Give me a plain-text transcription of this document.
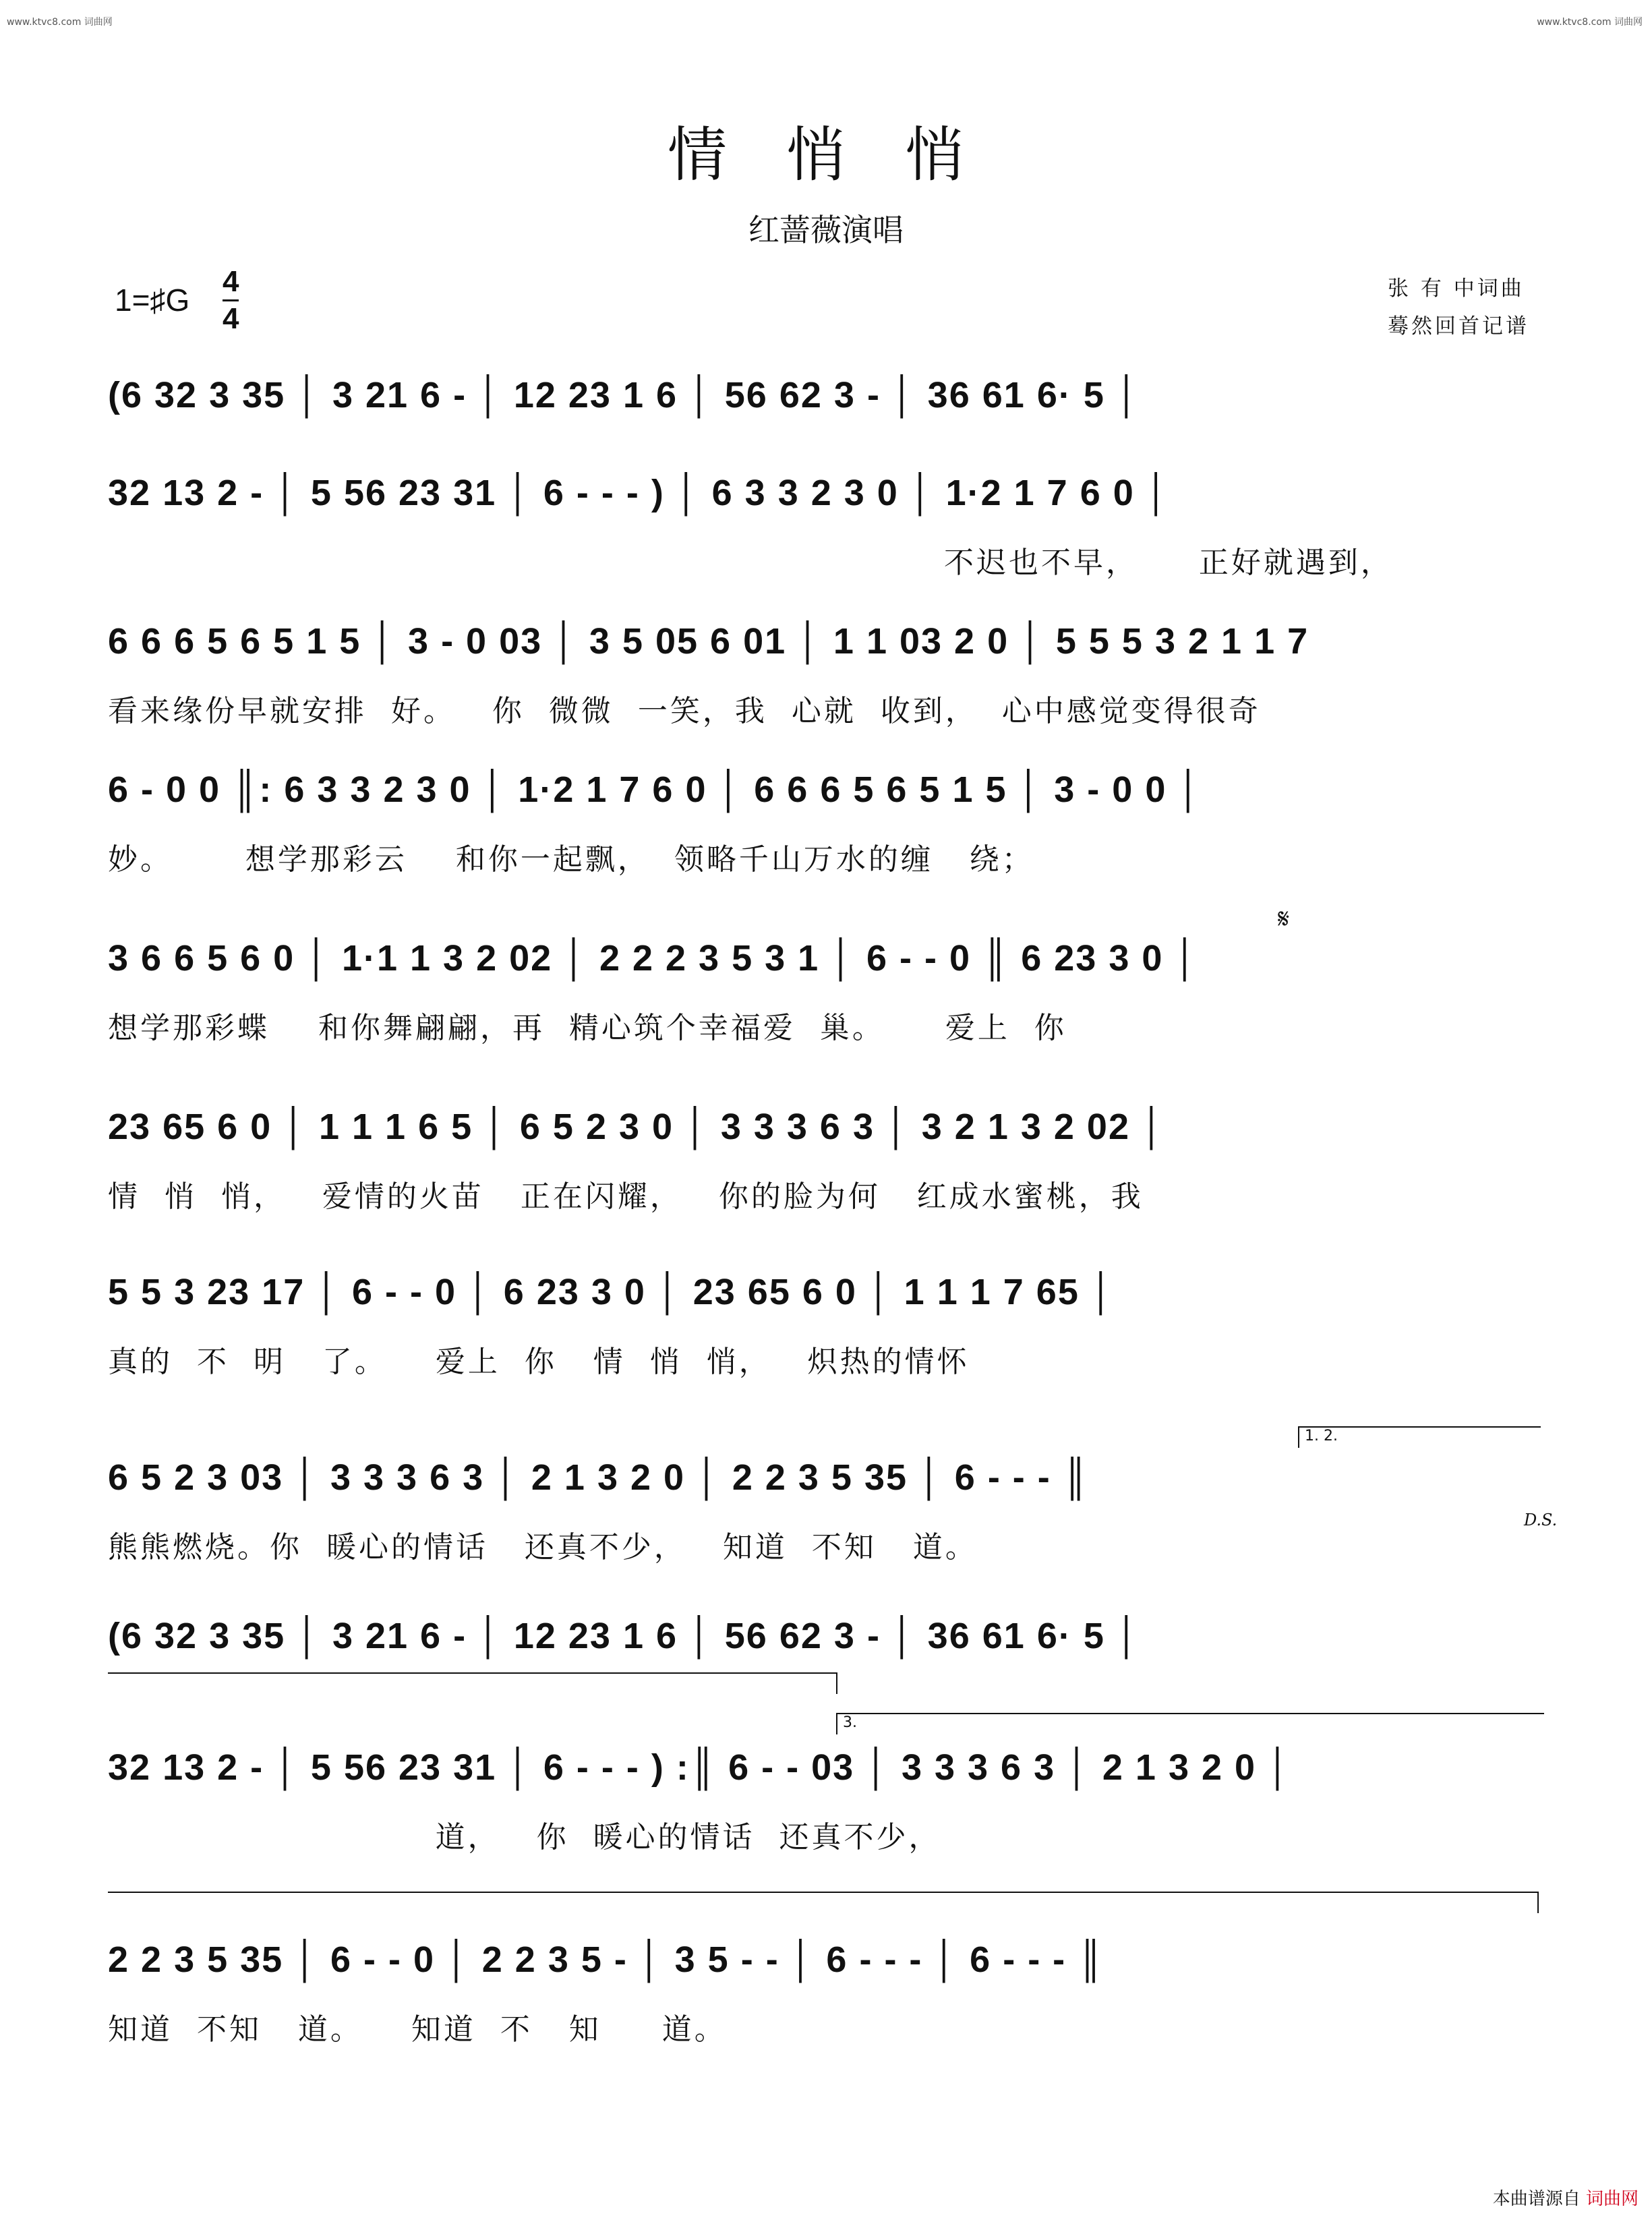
www.ktvc8.com 词曲网	www.ktvc8.com 词曲网
情 悄 悄
红蔷薇演唱
1=♯G
4
4
张 有 中词曲
蓦然回首记谱
(6 32 3 35 │ 3 21 6 - │ 12 23 1 6 │ 56 62 3 - │ 36 61 6· 5 │
32 13 2 - │ 5 56 23 31 │ 6 - - - ) │ 6 3 3 2 3 0 │ 1·2 1 7 6 0 │
不迟也不早，     正好就遇到，
6 6 6 5 6 5 1 5 │ 3 - 0 03 │ 3 5 05 6 01 │ 1 1 03 2 0 │ 5 5 5 3 2 1 1 7
看来缘份早就安排  好。   你  微微  一笑，我  心就  收到，  心中感觉变得很奇
6 - 0 0 ║: 6 3 3 2 3 0 │ 1·2 1 7 6 0 │ 6 6 6 5 6 5 1 5 │ 3 - 0 0 │
妙。      想学那彩云    和你一起飘，  领略千山万水的缠   绕；
𝄋
3 6 6 5 6 0 │ 1·1 1 3 2 02 │ 2 2 2 3 5 3 1 │ 6 - - 0 ║ 6 23 3 0 │
想学那彩蝶    和你舞翩翩，再  精心筑个幸福爱  巢。     爱上  你
23 65 6 0 │ 1 1 1 6 5 │ 6 5 2 3 0 │ 3 3 3 6 3 │ 3 2 1 3 2 02 │
情  悄  悄，   爱情的火苗   正在闪耀，   你的脸为何   红成水蜜桃，我
5 5 3 23 17 │ 6 - - 0 │ 6 23 3 0 │ 23 65 6 0 │ 1 1 1 7 65 │
真的  不  明   了。    爱上  你   情  悄  悄，   炽热的情怀
1. 2.
6 5 2 3 03 │ 3 3 3 6 3 │ 2 1 3 2 0 │ 2 2 3 5 35 │ 6 - - - ║
D.S.
熊熊燃烧。你  暖心的情话   还真不少，   知道  不知   道。
(6 32 3 35 │ 3 21 6 - │ 12 23 1 6 │ 56 62 3 - │ 36 61 6· 5 │
3.
32 13 2 - │ 5 56 23 31 │ 6 - - - ) :║ 6 - - 03 │ 3 3 3 6 3 │ 2 1 3 2 0 │
道，   你  暖心的情话  还真不少，
2 2 3 5 35 │ 6 - - 0 │ 2 2 3 5 - │ 3 5 - - │ 6 - - - │ 6 - - - ║
知道  不知   道。    知道  不   知     道。
本曲谱源自 词曲网
